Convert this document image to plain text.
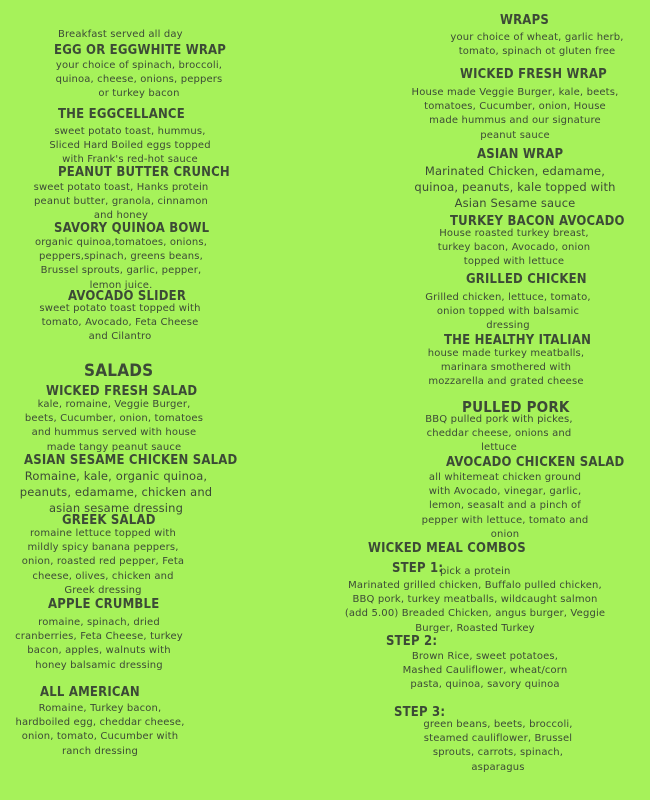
Breakfast served all day

EGG OR EGGWHITE WRAP

your choice of spinach, broccoli,
quinoa, cheese, onions, peppers
or turkey bacon

THE EGGCELLANCE

sweet potato toast, hummus,
Sliced Hard Boiled eggs topped
with Frank's red-hot sauce

PEANUT BUTTER CRUNCH

sweet potato toast, Hanks protein
peanut butter, granola, cinnamon
and honey

SAVORY QUINOA BOWL

organic quinoa,tomatoes, onions,
peppers,spinach, greens beans,
Brussel sprouts, garlic, pepper,
lemon juice.

AVOCADO SLIDER

sweet potato toast topped with
tomato, Avocado, Feta Cheese
and Cilantro

SALADS
WICKED FRESH SALAD

kale, romaine, Veggie Burger,
beets, Cucumber, onion, tomatoes
and hummus served with house
made tangy peanut sauce

ASIAN SESAME CHICKEN SALAD

Romaine, kale, organic quinoa,
peanuts, edamame, chicken and
asian sesame dressing

GREEK SALAD

romaine lettuce topped with
mildly spicy banana peppers,
onion, roasted red pepper, Feta
cheese, olives, chicken and
Greek dressing

APPLE CRUMBLE

romaine, spinach, dried
cranberries, Feta Cheese, turkey
bacon, apples, walnuts with
honey balsamic dressing

ALL AMERICAN

Romaine, Turkey bacon,
hardboiled egg, cheddar cheese,
onion, tomato, Cucumber with
ranch dressing

WRAPS

your choice of wheat, garlic herb,
tomato, spinach ot gluten free

WICKED FRESH WRAP

House made Veggie Burger, kale, beets,
tomatoes, Cucumber, onion, House
made hummus and our signature
peanut sauce

ASIAN WRAP

Marinated Chicken, edamame,
quinoa, peanuts, kale topped with
Asian Sesame sauce

TURKEY BACON AVOCADO

House roasted turkey breast,
turkey bacon, Avocado, onion
topped with lettuce

GRILLED CHICKEN

Grilled chicken, lettuce, tomato,
onion topped with balsamic
dressing

THE HEALTHY ITALIAN

house made turkey meatballs,
marinara smothered with
mozzarella and grated cheese

PULLED PORK

BBQ pulled pork with pickes,
cheddar cheese, onions and
lettuce

AVOCADO CHICKEN SALAD

all whitemeat chicken ground
with Avocado, vinegar, garlic,
lemon, seasalt and a pinch of
pepper with lettuce, tomato and
onion

WICKED MEAL COMBOS
STEP 1:

pick a protein

Marinated grilled chicken, Buffalo pulled chicken,
BBQ pork, turkey meatballs, wildcaught salmon
(add 5.00) Breaded Chicken, angus burger, Veggie
Burger, Roasted Turkey

STEP 2:

Brown Rice, sweet potatoes,
Mashed Cauliflower, wheat/corn
pasta, quinoa, savory quinoa

STEP 3:

green beans, beets, broccoli,
steamed cauliflower, Brussel
sprouts, carrots, spinach,
asparagus
